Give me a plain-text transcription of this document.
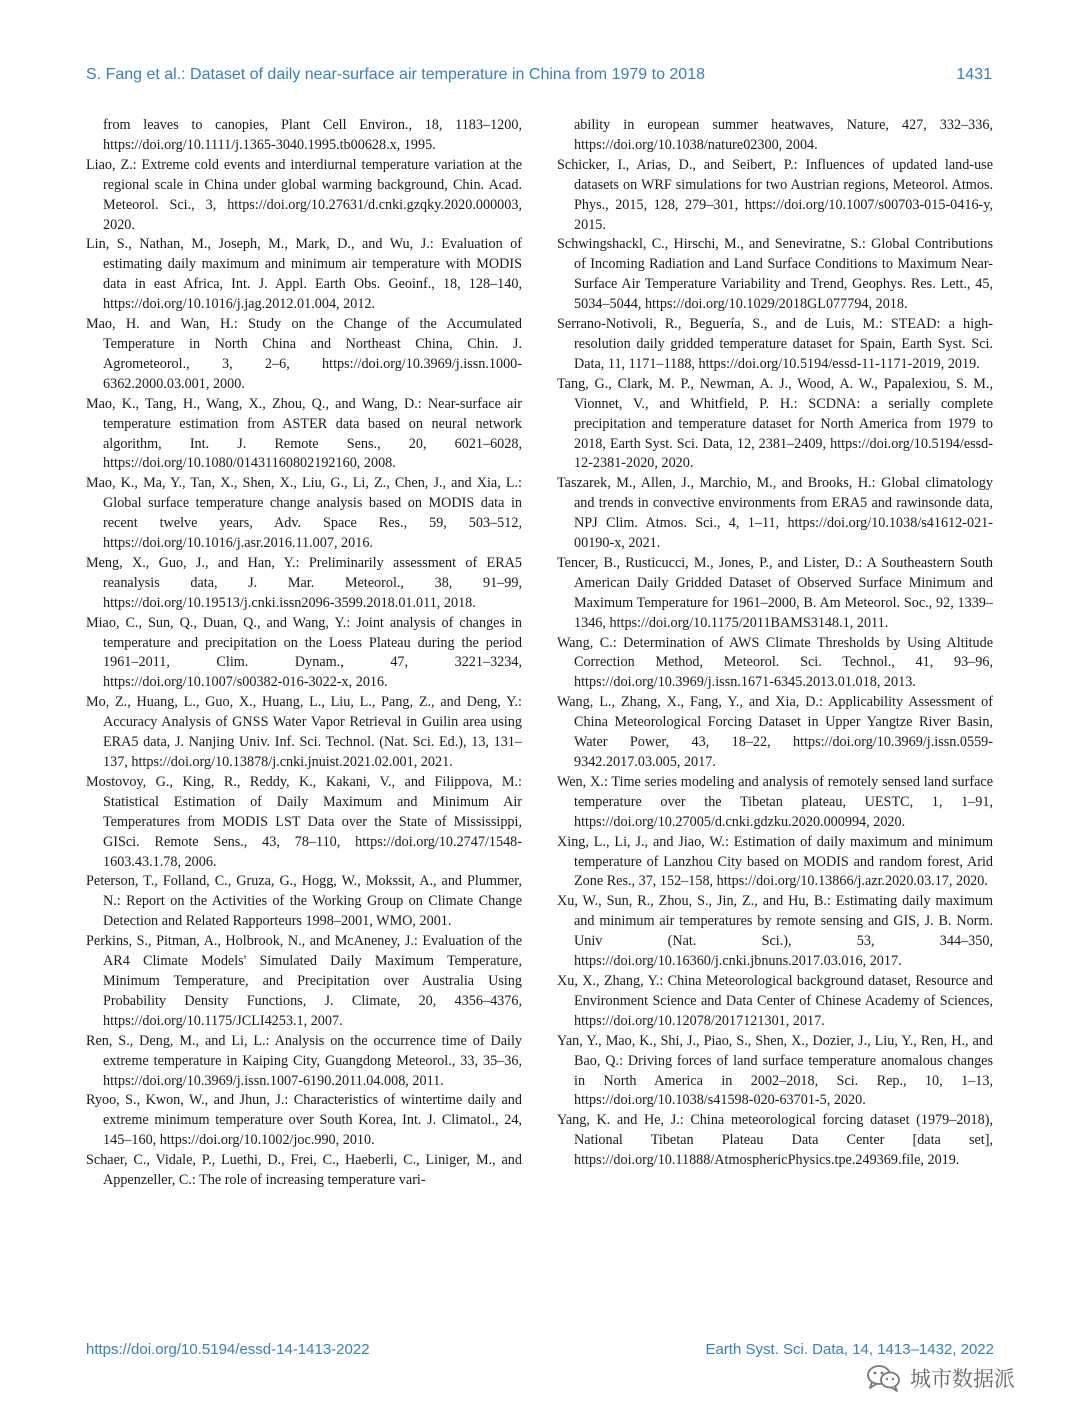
S. Fang et al.: Dataset of daily near-surface air temperature in China from 1979 to 2018	1431

from leaves to canopies, Plant Cell Environ., 18, 1183–1200, https://doi.org/10.1111/j.1365-3040.1995.tb00628.x, 1995.

Liao, Z.: Extreme cold events and interdiurnal temperature variation at the regional scale in China under global warming background, Chin. Acad. Meteorol. Sci., 3, https://doi.org/10.27631/d.cnki.gzqky.2020.000003, 2020.

Lin, S., Nathan, M., Joseph, M., Mark, D., and Wu, J.: Evaluation of estimating daily maximum and minimum air temperature with MODIS data in east Africa, Int. J. Appl. Earth Obs. Geoinf., 18, 128–140, https://doi.org/10.1016/j.jag.2012.01.004, 2012.

Mao, H. and Wan, H.: Study on the Change of the Accumulated Temperature in North China and Northeast China, Chin. J. Agrometeorol., 3, 2–6, https://doi.org/10.3969/j.issn.1000-6362.2000.03.001, 2000.

Mao, K., Tang, H., Wang, X., Zhou, Q., and Wang, D.: Near-surface air temperature estimation from ASTER data based on neural network algorithm, Int. J. Remote Sens., 20, 6021–6028, https://doi.org/10.1080/01431160802192160, 2008.

Mao, K., Ma, Y., Tan, X., Shen, X., Liu, G., Li, Z., Chen, J., and Xia, L.: Global surface temperature change analysis based on MODIS data in recent twelve years, Adv. Space Res., 59, 503–512, https://doi.org/10.1016/j.asr.2016.11.007, 2016.

Meng, X., Guo, J., and Han, Y.: Preliminarily assessment of ERA5 reanalysis data, J. Mar. Meteorol., 38, 91–99, https://doi.org/10.19513/j.cnki.issn2096-3599.2018.01.011, 2018.

Miao, C., Sun, Q., Duan, Q., and Wang, Y.: Joint analysis of changes in temperature and precipitation on the Loess Plateau during the period 1961–2011, Clim. Dynam., 47, 3221–3234, https://doi.org/10.1007/s00382-016-3022-x, 2016.

Mo, Z., Huang, L., Guo, X., Huang, L., Liu, L., Pang, Z., and Deng, Y.: Accuracy Analysis of GNSS Water Vapor Retrieval in Guilin area using ERA5 data, J. Nanjing Univ. Inf. Sci. Technol. (Nat. Sci. Ed.), 13, 131–137, https://doi.org/10.13878/j.cnki.jnuist.2021.02.001, 2021.

Mostovoy, G., King, R., Reddy, K., Kakani, V., and Filippova, M.: Statistical Estimation of Daily Maximum and Minimum Air Temperatures from MODIS LST Data over the State of Mississippi, GISci. Remote Sens., 43, 78–110, https://doi.org/10.2747/1548-1603.43.1.78, 2006.

Peterson, T., Folland, C., Gruza, G., Hogg, W., Mokssit, A., and Plummer, N.: Report on the Activities of the Working Group on Climate Change Detection and Related Rapporteurs 1998–2001, WMO, 2001.

Perkins, S., Pitman, A., Holbrook, N., and McAneney, J.: Evaluation of the AR4 Climate Models' Simulated Daily Maximum Temperature, Minimum Temperature, and Precipitation over Australia Using Probability Density Functions, J. Climate, 20, 4356–4376, https://doi.org/10.1175/JCLI4253.1, 2007.

Ren, S., Deng, M., and Li, L.: Analysis on the occurrence time of Daily extreme temperature in Kaiping City, Guangdong Meteorol., 33, 35–36, https://doi.org/10.3969/j.issn.1007-6190.2011.04.008, 2011.

Ryoo, S., Kwon, W., and Jhun, J.: Characteristics of wintertime daily and extreme minimum temperature over South Korea, Int. J. Climatol., 24, 145–160, https://doi.org/10.1002/joc.990, 2010.

Schaer, C., Vidale, P., Luethi, D., Frei, C., Haeberli, C., Liniger, M., and Appenzeller, C.: The role of increasing temperature vari-

ability in european summer heatwaves, Nature, 427, 332–336, https://doi.org/10.1038/nature02300, 2004.

Schicker, I., Arias, D., and Seibert, P.: Influences of updated land-use datasets on WRF simulations for two Austrian regions, Meteorol. Atmos. Phys., 2015, 128, 279–301, https://doi.org/10.1007/s00703-015-0416-y, 2015.

Schwingshackl, C., Hirschi, M., and Seneviratne, S.: Global Contributions of Incoming Radiation and Land Surface Conditions to Maximum Near-Surface Air Temperature Variability and Trend, Geophys. Res. Lett., 45, 5034–5044, https://doi.org/10.1029/2018GL077794, 2018.

Serrano-Notivoli, R., Beguería, S., and de Luis, M.: STEAD: a high-resolution daily gridded temperature dataset for Spain, Earth Syst. Sci. Data, 11, 1171–1188, https://doi.org/10.5194/essd-11-1171-2019, 2019.

Tang, G., Clark, M. P., Newman, A. J., Wood, A. W., Papalexiou, S. M., Vionnet, V., and Whitfield, P. H.: SCDNA: a serially complete precipitation and temperature dataset for North America from 1979 to 2018, Earth Syst. Sci. Data, 12, 2381–2409, https://doi.org/10.5194/essd-12-2381-2020, 2020.

Taszarek, M., Allen, J., Marchio, M., and Brooks, H.: Global climatology and trends in convective environments from ERA5 and rawinsonde data, NPJ Clim. Atmos. Sci., 4, 1–11, https://doi.org/10.1038/s41612-021-00190-x, 2021.

Tencer, B., Rusticucci, M., Jones, P., and Lister, D.: A Southeastern South American Daily Gridded Dataset of Observed Surface Minimum and Maximum Temperature for 1961–2000, B. Am Meteorol. Soc., 92, 1339–1346, https://doi.org/10.1175/2011BAMS3148.1, 2011.

Wang, C.: Determination of AWS Climate Thresholds by Using Altitude Correction Method, Meteorol. Sci. Technol., 41, 93–96, https://doi.org/10.3969/j.issn.1671-6345.2013.01.018, 2013.

Wang, L., Zhang, X., Fang, Y., and Xia, D.: Applicability Assessment of China Meteorological Forcing Dataset in Upper Yangtze River Basin, Water Power, 43, 18–22, https://doi.org/10.3969/j.issn.0559-9342.2017.03.005, 2017.

Wen, X.: Time series modeling and analysis of remotely sensed land surface temperature over the Tibetan plateau, UESTC, 1, 1–91, https://doi.org/10.27005/d.cnki.gdzku.2020.000994, 2020.

Xing, L., Li, J., and Jiao, W.: Estimation of daily maximum and minimum temperature of Lanzhou City based on MODIS and random forest, Arid Zone Res., 37, 152–158, https://doi.org/10.13866/j.azr.2020.03.17, 2020.

Xu, W., Sun, R., Zhou, S., Jin, Z., and Hu, B.: Estimating daily maximum and minimum air temperatures by remote sensing and GIS, J. B. Norm. Univ (Nat. Sci.), 53, 344–350, https://doi.org/10.16360/j.cnki.jbnuns.2017.03.016, 2017.

Xu, X., Zhang, Y.: China Meteorological background dataset, Resource and Environment Science and Data Center of Chinese Academy of Sciences, https://doi.org/10.12078/2017121301, 2017.

Yan, Y., Mao, K., Shi, J., Piao, S., Shen, X., Dozier, J., Liu, Y., Ren, H., and Bao, Q.: Driving forces of land surface temperature anomalous changes in North America in 2002–2018, Sci. Rep., 10, 1–13, https://doi.org/10.1038/s41598-020-63701-5, 2020.

Yang, K. and He, J.: China meteorological forcing dataset (1979–2018), National Tibetan Plateau Data Center [data set], https://doi.org/10.11888/AtmosphericPhysics.tpe.249369.file, 2019.

https://doi.org/10.5194/essd-14-1413-2022	Earth Syst. Sci. Data, 14, 1413–1432, 2022
城市数据派
